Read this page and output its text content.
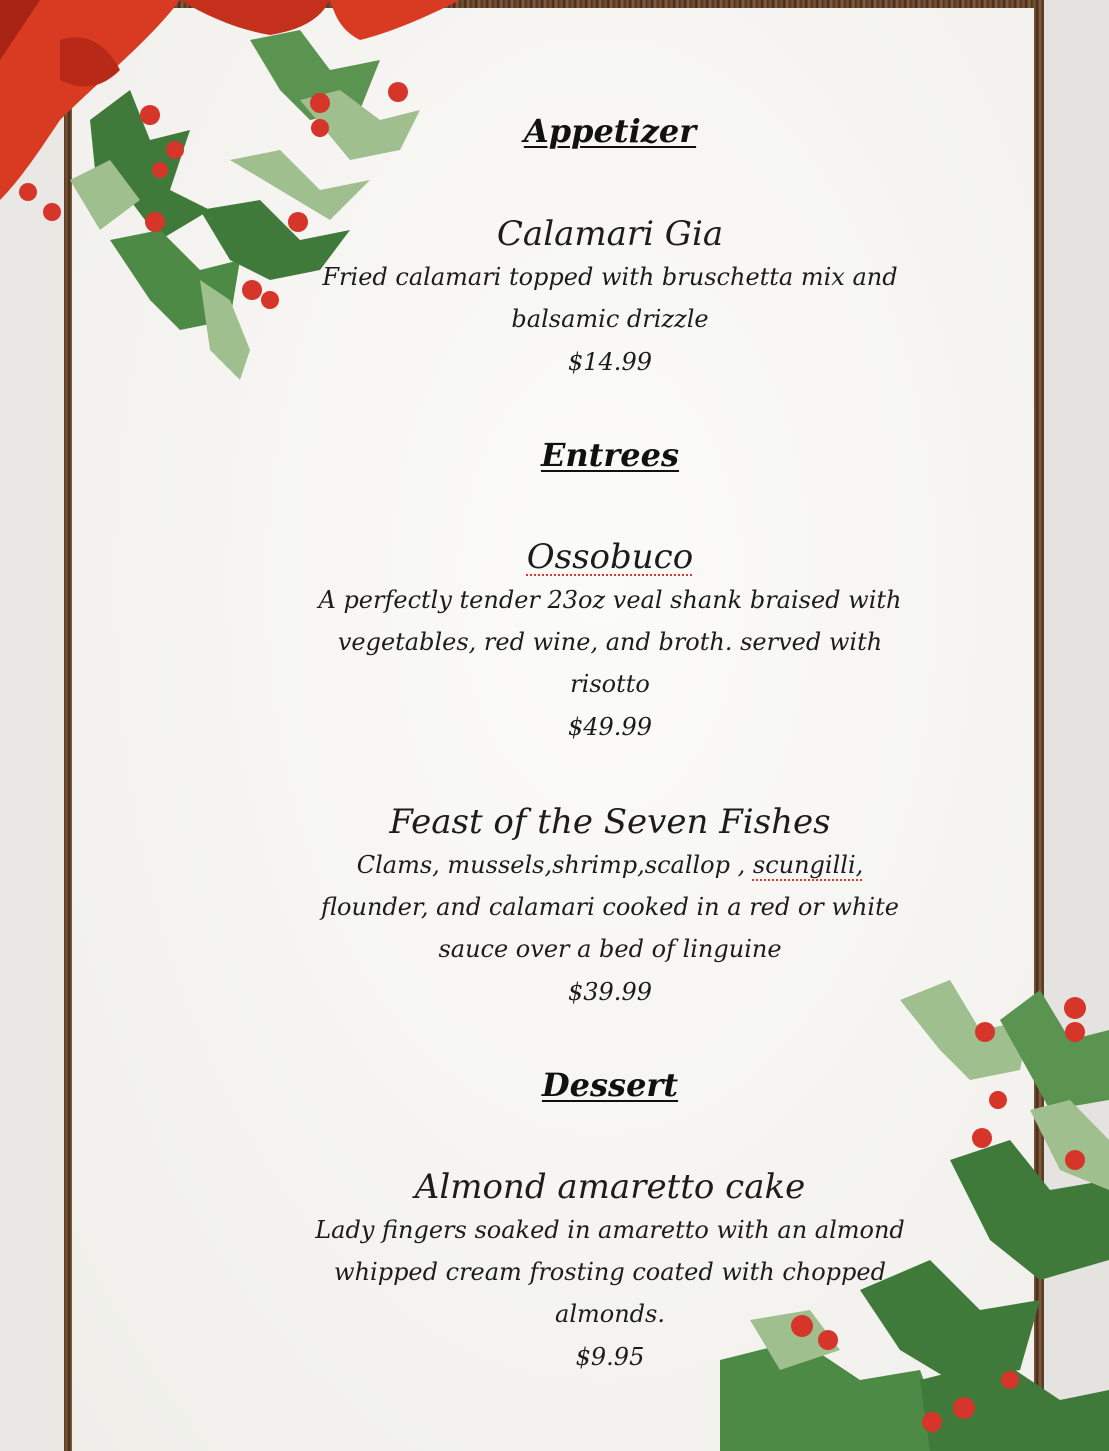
Appetizer

Calamari Gia

Fried calamari topped with bruschetta mix and balsamic drizzle

$14.99

Entrees

Ossobuco

A perfectly tender 23oz veal shank braised with vegetables, red wine, and broth. served with risotto

$49.99

Feast of the Seven Fishes

Clams, mussels,shrimp,scallop , scungilli, flounder, and calamari cooked in a red or white sauce over a bed of linguine

$39.99

Dessert

Almond amaretto cake

Lady fingers soaked in amaretto with an almond whipped cream frosting coated with chopped almonds.

$9.95
